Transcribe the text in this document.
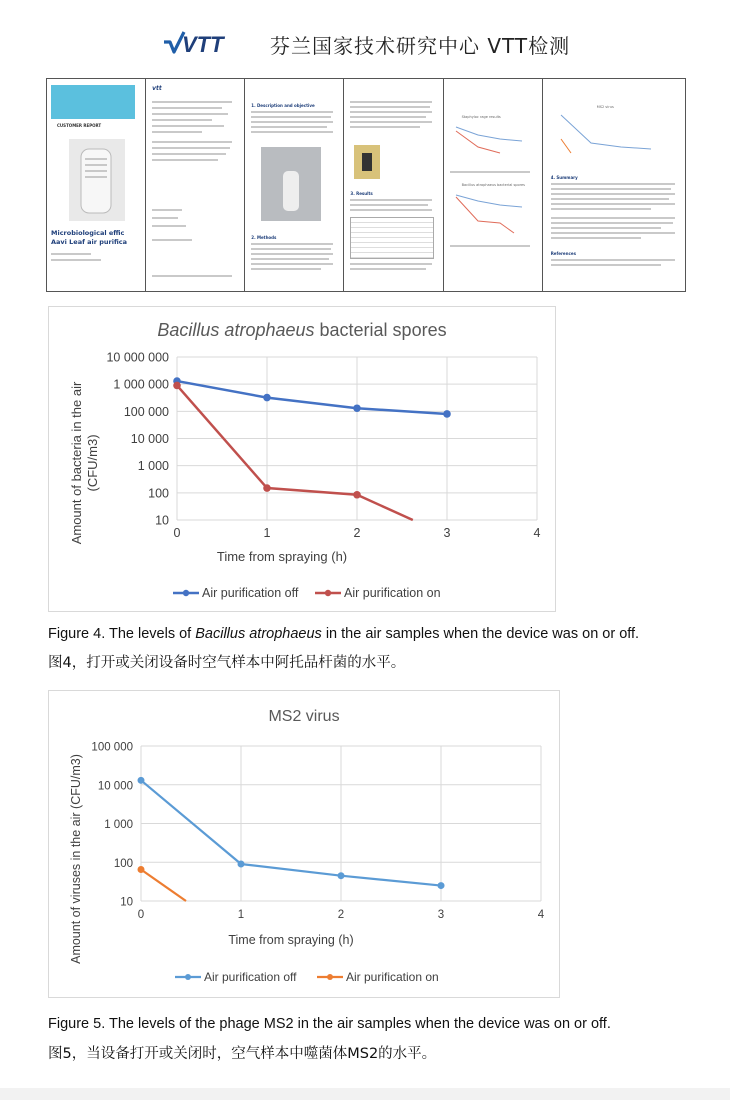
VTT 芬兰国家技术研究中心 VTT检测
CUSTOMER REPORT
Microbiological effic
Aavi Leaf air purifica
vtt
1. Description and objective
2. Methods
3. Results
Staphyloc rage results
Bacillus atrophaeus bacterial spores
MS2 virus
4. Summary
References
Bacillus atrophaeus bacterial spores
10 000 000
1 000 000
100 000
10 000
1 000
100
10
0	1	2	3	4
Time from spraying (h)
Amount of bacteria in the air (CFU/m3)
Air purification off	Air purification on
Figure 4. The levels of Bacillus atrophaeus in the air samples when the device was on or off.
图4，打开或关闭设备时空气样本中阿托品杆菌的水平。
MS2 virus
100 000
10 000
1 000
100
10
0	1	2	3	4
Time from spraying (h)
Amount of viruses in the air (CFU/m3)
Air purification off	Air purification on
Figure 5. The levels of the phage MS2 in the air samples when the device was on or off.
图5，当设备打开或关闭时，空气样本中噬菌体MS2的水平。
